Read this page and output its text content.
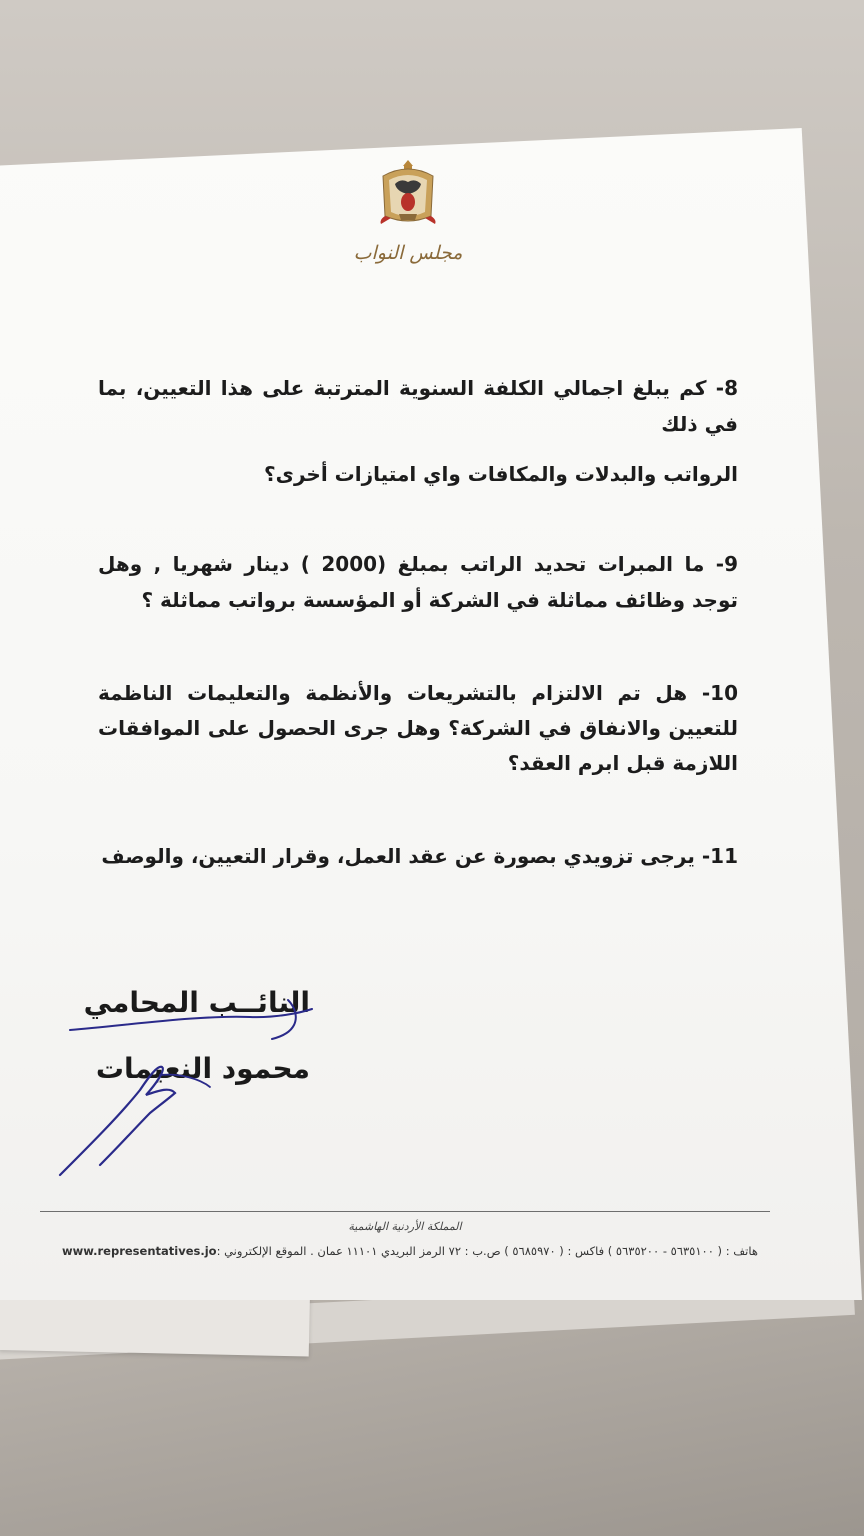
مجلس النواب
8- كم يبلغ اجمالي الكلفة السنوية المترتبة على هذا التعيين، بما في ذلك
الرواتب والبدلات والمكافات واي امتيازات أخرى؟
9- ما المبرات تحديد الراتب بمبلغ (2000 ) دينار شهريا , وهل توجد وظائف مماثلة في الشركة أو المؤسسة برواتب مماثلة ؟
10- هل تم الالتزام بالتشريعات والأنظمة والتعليمات الناظمة للتعيين والانفاق في الشركة؟ وهل جرى الحصول على الموافقات اللازمة قبل ابرم العقد؟
11- يرجى تزويدي بصورة عن عقد العمل، وقرار التعيين، والوصف
النائــب المحامي
محمود النعيمات
المملكة الأردنية الهاشمية
www.representatives.jo هاتف : ( ٥٦٣٥١٠٠ - ٥٦٣٥٢٠٠ ) فاكس : ( ٥٦٨٥٩٧٠ ) ص.ب : ٧٢ الرمز البريدي ١١١٠١ عمان . الموقع الإلكتروني :
